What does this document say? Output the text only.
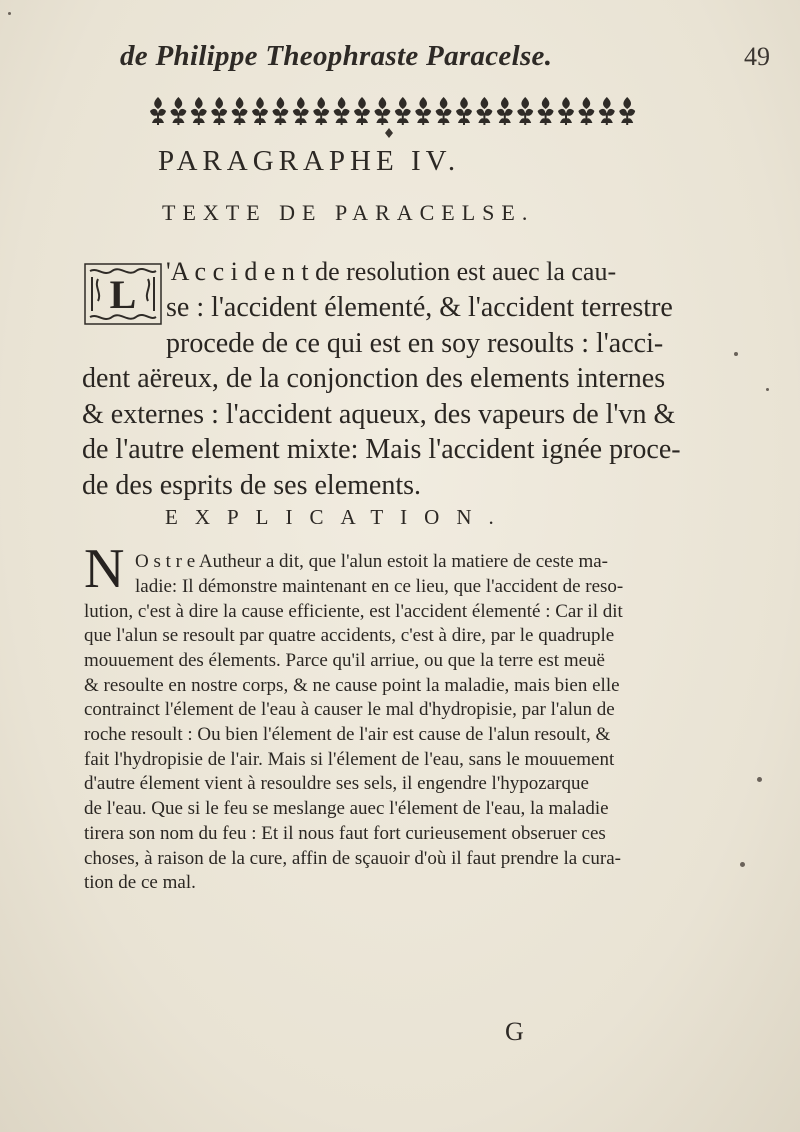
de Philippe Theophraste Paracelse.	49
PARAGRAPHE IV.
TEXTE DE PARACELSE.
L
'A c c i d e n t de resolution est auec la cau-
se : l'accident élementé, & l'accident terrestre
procede de ce qui est en soy resoults : l'acci-
dent aëreux, de la conjonction des elements internes
& externes : l'accident aqueux, des vapeurs de l'vn &
de l'autre element mixte: Mais l'accident ignée proce-
de des esprits de ses elements.
EXPLICATION.
N O s t r e Autheur a dit, que l'alun estoit la matiere de ceste ma-
ladie: Il démonstre maintenant en ce lieu, que l'accident de reso-
lution, c'est à dire la cause efficiente, est l'accident élementé : Car il dit
que l'alun se resoult par quatre accidents, c'est à dire, par le quadruple
mouuement des élements. Parce qu'il arriue, ou que la terre est meuë
& resoulte en nostre corps, & ne cause point la maladie, mais bien elle
contrainct l'élement de l'eau à causer le mal d'hydropisie, par l'alun de
roche resoult : Ou bien l'élement de l'air est cause de l'alun resoult, &
fait l'hydropisie de l'air. Mais si l'élement de l'eau, sans le mouuement
d'autre élement vient à resouldre ses sels, il engendre l'hypozarque
de l'eau. Que si le feu se meslange auec l'élement de l'eau, la maladie
tirera son nom du feu : Et il nous faut fort curieusement obseruer ces
choses, à raison de la cure, affin de sçauoir d'où il faut prendre la cura-
tion de ce mal.
G
